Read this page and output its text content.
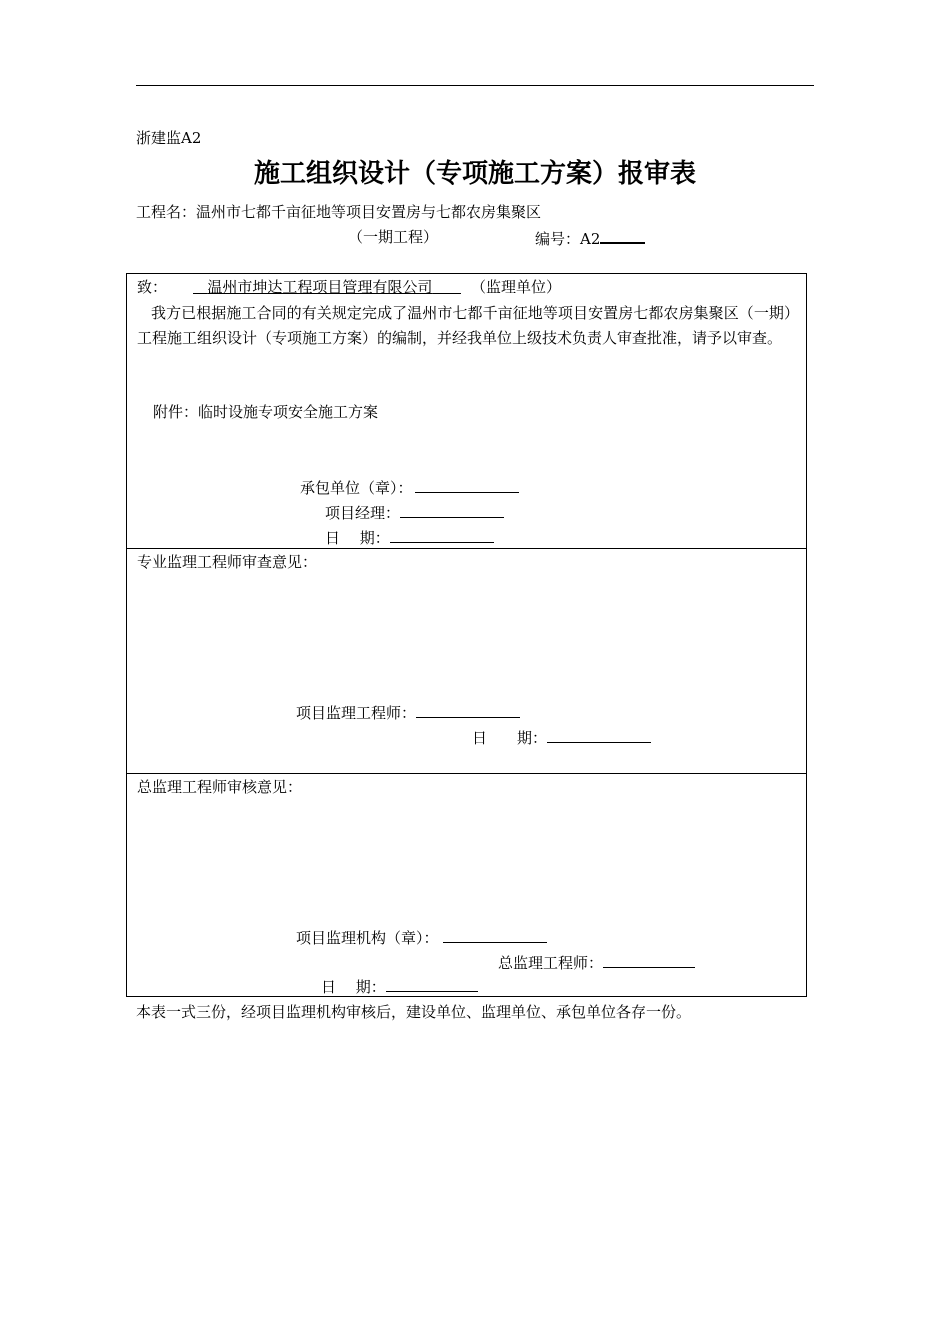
浙建监A2
施工组织设计（专项施工方案）报审表
工程名：温州市七都千亩征地等项目安置房与七都农房集聚区
（一期工程）	编号：A2
致：	温州市坤达工程项目管理有限公司	（监理单位）
我方已根据施工合同的有关规定完成了温州市七都千亩征地等项目安置房七都农房集聚区（一期）工程施工组织设计（专项施工方案）的编制，并经我单位上级技术负责人审查批准，请予以审查。
附件：临时设施专项安全施工方案
承包单位（章）：
项目经理：
日　 期：
专业监理工程师审查意见：
项目监理工程师：
日　　期：
总监理工程师审核意见：
项目监理机构（章）：
总监理工程师：
日　 期：
本表一式三份，经项目监理机构审核后，建设单位、监理单位、承包单位各存一份。
